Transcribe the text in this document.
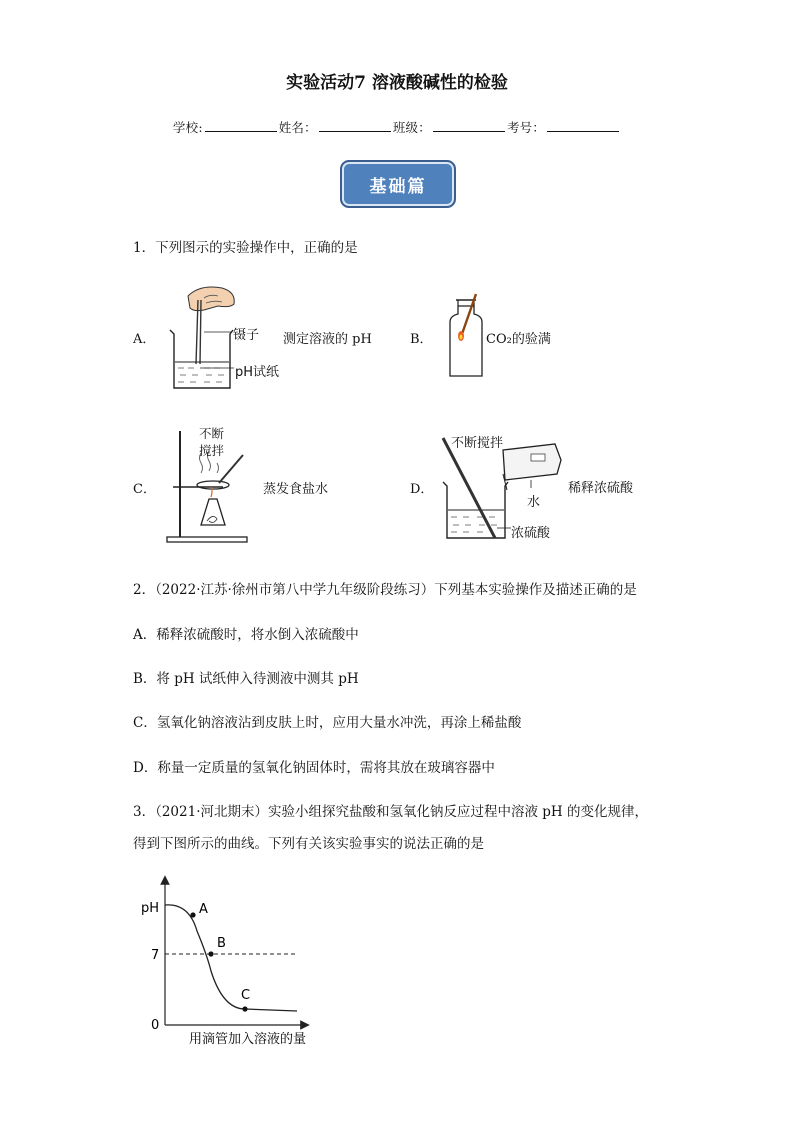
实验活动7 溶液酸碱性的检验
学校:	姓名：	班级：	考号：
基础篇
1．下列图示的实验操作中，正确的是
A．	镊子
pH试纸
测定溶液的 pH	B．	CO₂的验满
C．
不断
搅拌
蒸发食盐水	D．
不断搅拌
水
浓硫酸
稀释浓硫酸
2．（2022·江苏·徐州市第八中学九年级阶段练习）下列基本实验操作及描述正确的是
A．稀释浓硫酸时，将水倒入浓硫酸中
B．将 pH 试纸伸入待测液中测其 pH
C．氢氧化钠溶液沾到皮肤上时，应用大量水冲洗，再涂上稀盐酸
D．称量一定质量的氢氧化钠固体时，需将其放在玻璃容器中
3．（2021·河北期末）实验小组探究盐酸和氢氧化钠反应过程中溶液 pH 的变化规律，
得到下图所示的曲线。下列有关该实验事实的说法正确的是
pH
7
0
A
B
C
用滴管加入溶液的量
